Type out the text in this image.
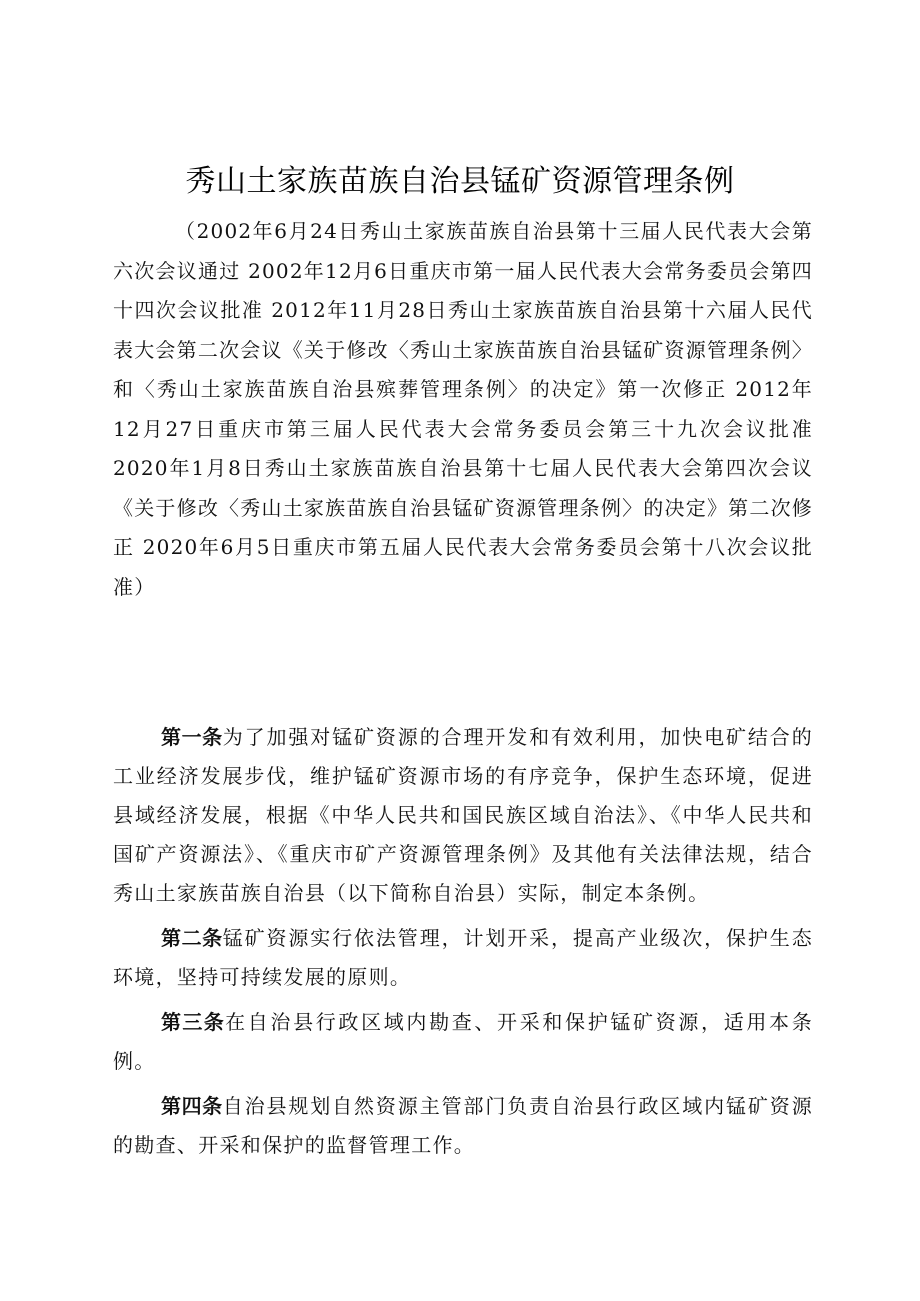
秀山土家族苗族自治县锰矿资源管理条例

（2002年6月24日秀山土家族苗族自治县第十三届人民代表大会第六次会议通过 2002年12月6日重庆市第一届人民代表大会常务委员会第四十四次会议批准 2012年11月28日秀山土家族苗族自治县第十六届人民代表大会第二次会议《关于修改〈秀山土家族苗族自治县锰矿资源管理条例〉和〈秀山土家族苗族自治县殡葬管理条例〉的决定》第一次修正 2012年12月27日重庆市第三届人民代表大会常务委员会第三十九次会议批准 2020年1月8日秀山土家族苗族自治县第十七届人民代表大会第四次会议《关于修改〈秀山土家族苗族自治县锰矿资源管理条例〉的决定》第二次修正 2020年6月5日重庆市第五届人民代表大会常务委员会第十八次会议批准）

第一条为了加强对锰矿资源的合理开发和有效利用，加快电矿结合的工业经济发展步伐，维护锰矿资源市场的有序竞争，保护生态环境，促进县域经济发展，根据《中华人民共和国民族区域自治法》、《中华人民共和国矿产资源法》、《重庆市矿产资源管理条例》及其他有关法律法规，结合秀山土家族苗族自治县（以下简称自治县）实际，制定本条例。

第二条锰矿资源实行依法管理，计划开采，提高产业级次，保护生态环境，坚持可持续发展的原则。

第三条在自治县行政区域内勘查、开采和保护锰矿资源，适用本条例。

第四条自治县规划自然资源主管部门负责自治县行政区域内锰矿资源的勘查、开采和保护的监督管理工作。
